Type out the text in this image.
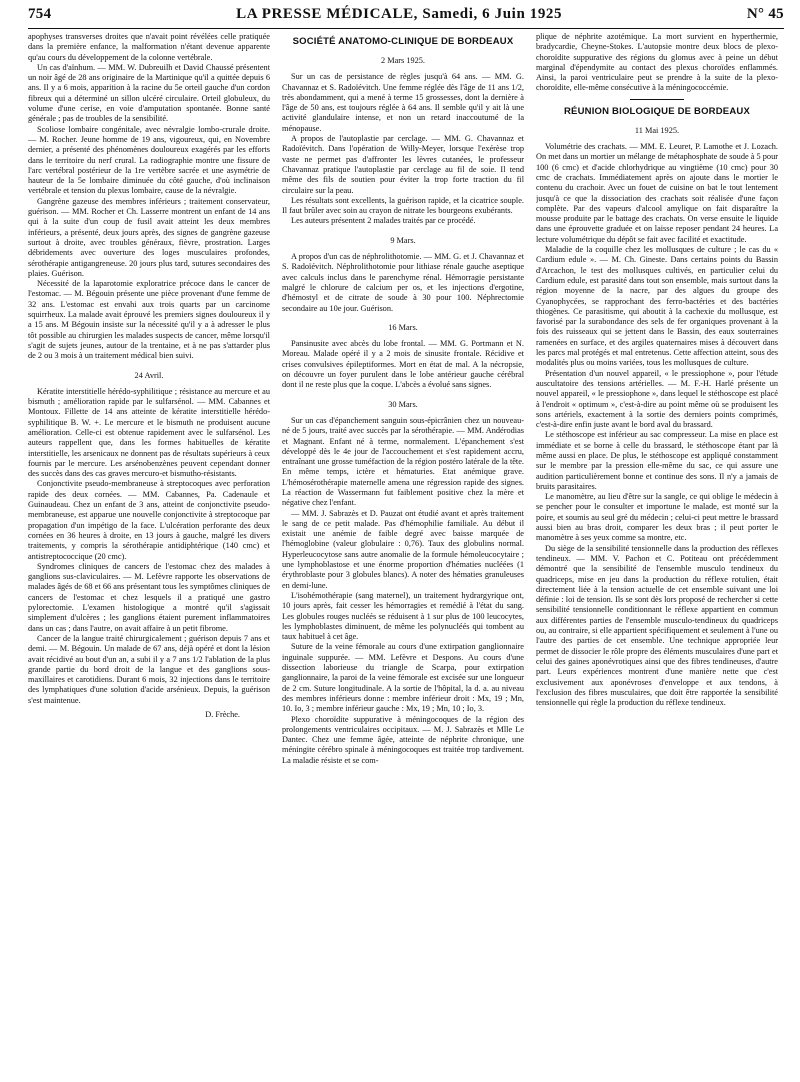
754	LA PRESSE MÉDICALE, Samedi, 6 Juin 1925	N° 45

apophyses transverses droites que n'avait point révélées celle pratiquée dans la première enfance, la malformation n'étant devenue apparente qu'au cours du développement de la colonne vertébrale.

Un cas d'aïnhum. — MM. W. Dubreuilh et David Chaussé présentent un noir âgé de 28 ans originaire de la Martinique qu'il a quittée depuis 6 ans. Il y a 6 mois, apparition à la racine du 5e orteil gauche d'un cordon fibreux qui a déterminé un sillon ulcéré circulaire. Orteil globuleux, du volume d'une cerise, en voie d'amputation spontanée. Bonne santé générale ; pas de troubles de la sensibilité.

Scoliose lombaire congénitale, avec névralgie lombo-crurale droite. — M. Rocher. Jeune homme de 19 ans, vigoureux, qui, en Novembre dernier, a présenté des phénomènes douloureux exagérés par les efforts dans le territoire du nerf crural. La radiographie montre une fissure de l'arc vertébral postérieur de la 1re vertèbre sacrée et une asymétrie de hauteur de la 5e lombaire diminuée du côté gauche, d'où inclinaison vertébrale et tension du plexus lombaire, cause de la névralgie.

Gangrène gazeuse des membres inférieurs ; traitement conservateur, guérison. — MM. Rocher et Ch. Lasserre montrent un enfant de 14 ans qui à la suite d'un coup de fusil avait atteint les deux membres inférieurs, a présenté, deux jours après, des signes de gangrène gazeuse surtout à droite, avec troubles généraux, fièvre, prostration. Larges débridements avec ouverture des loges musculaires profondes, sérothérapie antigangreneuse. 20 jours plus tard, sutures secondaires des plaies. Guérison.

Nécessité de la laparotomie exploratrice précoce dans le cancer de l'estomac. — M. Bégouin présente une pièce provenant d'une femme de 32 ans. L'estomac est envahi aux trois quarts par un carcinome squirrheux. La malade avait éprouvé les premiers signes douloureux il y a 15 ans. M Bégouin insiste sur la nécessité qu'il y a à adresser le plus tôt possible au chirurgien les malades suspects de cancer, même lorsqu'il s'agit de sujets jeunes, autour de la trentaine, et à ne pas s'attarder plus de 2 ou 3 mois à un traitement médical bien suivi.

24 Avril.

Kératite interstitielle hérédo-syphilitique ; résistance au mercure et au bismuth ; amélioration rapide par le sulfarsénol. — MM. Cabannes et Montoux. Fillette de 14 ans atteinte de kératite interstitielle hérédo-syphilitique B. W. +. Le mercure et le bismuth ne produisent aucune amélioration. Celle-ci est obtenue rapidement avec le sulfarsénol. Les auteurs rappellent que, dans les formes habituelles de kératite interstitielle, les arsenicaux ne donnent pas de résultats supérieurs à ceux fournis par le mercure. Les arsénobenzènes peuvent cependant donner des succès dans des cas graves mercuro-et bismutho-résistants.

Conjonctivite pseudo-membraneuse à streptocoques avec perforation rapide des deux cornées. — MM. Cabannes, Pa. Cadenaule et Guinaudeau. Chez un enfant de 3 ans, atteint de conjonctivite pseudo-membraneuse, est apparue une nouvelle conjonctivite à streptocoque par propagation d'un impétigo de la face. L'ulcération perforante des deux cornées en 36 heures à droite, en 13 jours à gauche, malgré les divers traitements, y compris la sérothérapie antidiphtérique (140 cmc) et antistreptococcique (20 cmc).

Syndromes cliniques de cancers de l'estomac chez des malades à ganglions sus-claviculaires. — M. Lefèvre rapporte les observations de malades âgés de 68 et 66 ans présentant tous les symptômes cliniques de cancers de l'estomac et chez lesquels il a pratiqué une gastro pylorectomie. L'examen histologique a montré qu'il s'agissait simplement d'ulcères ; les ganglions étaient purement inflammatoires dans un cas ; dans l'autre, on avait affaire à un petit fibrome.

Cancer de la langue traité chirurgicalement ; guérison depuis 7 ans et demi. — M. Bégouin. Un malade de 67 ans, déjà opéré et dont la lésion avait récidivé au bout d'un an, a subi il y a 7 ans 1/2 l'ablation de la plus grande partie du bord droit de la langue et des ganglions sous-maxillaires et carotidiens. Durant 6 mois, 32 injections dans le territoire des lymphatiques d'une solution d'acide arsénieux. Depuis, la guérison s'est maintenue.

D. Frèche.

SOCIÉTÉ ANATOMO-CLINIQUE DE BORDEAUX
2 Mars 1925.

Sur un cas de persistance de règles jusqu'à 64 ans. — MM. G. Chavannaz et S. Radoïévitch. Une femme réglée dès l'âge de 11 ans 1/2, très abondamment, qui a mené à terme 15 grossesses, dont la dernière à l'âge de 50 ans, est toujours réglée à 64 ans. Il semble qu'il y ait là une activité glandulaire intense, et non un retard inaccoutumé de la ménopause.

A propos de l'autoplastie par cerclage. — MM. G. Chavannaz et Radoïévitch. Dans l'opération de Willy-Meyer, lorsque l'exérèse trop vaste ne permet pas d'affronter les lèvres cutanées, le professeur Chavannaz pratique l'autoplastie par cerclage au fil de soie. Il tend même des fils de soutien pour éviter la trop forte traction du fil circulaire sur la peau.

Les résultats sont excellents, la guérison rapide, et la cicatrice souple. Il faut brûler avec soin au crayon de nitrate les bourgeons exubérants.

Les auteurs présentent 2 malades traités par ce procédé.

9 Mars.

A propos d'un cas de néphrolithotomie. — MM. G. et J. Chavannaz et S. Radoïévitch. Néphrolithotomie pour lithiase rénale gauche aseptique avec calculs inclus dans le parenchyme rénal. Hémorragie persistante malgré le chlorure de calcium per os, et les injections d'ergotine, d'hémostyl et de citrate de soude à 30 pour 100. Néphrectomie secondaire au 10e jour. Guérison.

16 Mars.

Pansinusite avec abcès du lobe frontal. — MM. G. Portmann et N. Moreau. Malade opéré il y a 2 mois de sinusite frontale. Récidive et crises convulsives épileptiformes. Mort en état de mal. A la nécropsie, on découvre un foyer purulent dans le lobe antérieur gauche cérébral dont il ne reste plus que la coque. L'abcès a évolué sans signes.

30 Mars.

Sur un cas d'épanchement sanguin sous-épicrânien chez un nouveau-né de 5 jours, traité avec succès par la sérothérapie. — MM. Andérodias et Magnant. Enfant né à terme, normalement. L'épanchement s'est développé dès le 4e jour de l'accouchement et s'est rapidement accru, entraînant une grosse tuméfaction de la région postéro latérale de la tête. En même temps, ictère et hématuries. Etat anémique grave. L'hémosérothérapie maternelle amena une régression rapide des signes. La réaction de Wassermann fut faiblement positive chez la mère et négative chez l'enfant.

— MM. J. Sabrazès et D. Pauzat ont étudié avant et après traitement le sang de ce petit malade. Pas d'hémophilie familiale. Au début il existait une anémie de faible degré avec baisse marquée de l'hémoglobine (valeur globulaire : 0,76). Taux des globulins normal. Hyperleucocytose sans autre anomalie de la formule hémoleucocytaire ; une lymphoblastose et une énorme proportion d'hématies nucléées (1 érythroblaste pour 3 globules blancs). A noter des hématies granuleuses en demi-lune.

L'isohémothérapie (sang maternel), un traitement hydrargyrique ont, 10 jours après, fait cesser les hémorragies et remédié à l'état du sang. Les globules rouges nucléés se réduisent à 1 sur plus de 100 leucocytes, les lymphoblastes diminuent, de même les polynucléés qui tombent au taux habituel à cet âge.

Suture de la veine fémorale au cours d'une extirpation ganglionnaire inguinale suppurée. — MM. Lefèvre et Despons. Au cours d'une dissection laborieuse du triangle de Scarpa, pour extirpation ganglionnaire, la paroi de la veine fémorale est excisée sur une longueur de 2 cm. Suture longitudinale. A la sortie de l'hôpital, la d. a. au niveau des membres inférieurs donne : membre inférieur droit : Mx, 19 ; Mn, 10. Io, 3 ; membre inférieur gauche : Mx, 19 ; Mn, 10 ; Io, 3.

Plexo choroïdite suppurative à méningocoques de la région des prolongements ventriculaires occipitaux. — M. J. Sabrazès et Mlle Le Dantec. Chez une femme âgée, atteinte de néphrite chronique, une méningite cérébro spinale à méningocoques est traitée trop tardivement. La maladie résiste et se com-

plique de néphrite azotémique. La mort survient en hyperthermie, bradycardie, Cheyne-Stokes. L'autopsie montre deux blocs de plexo-choroïdite suppurative des régions du glomus avec à peine un début marginal d'épendymite au contact des plexus choroïdes enflammés. Ainsi, la paroi ventriculaire peut se prendre à la suite de la plexo-choroïdite, elle-même consécutive à la méningococcémie.

RÉUNION BIOLOGIQUE DE BORDEAUX
11 Mai 1925.

Volumétrie des crachats. — MM. E. Leuret, P. Lamothe et J. Lozach. On met dans un mortier un mélange de métaphosphate de soude à 5 pour 100 (6 cmc) et d'acide chlorhydrique au vingtième (10 cmc) pour 30 cmc de crachats. Immédiatement après on ajoute dans le mortier le contenu du crachoir. Avec un fouet de cuisine on bat le tout lentement jusqu'à ce que la dissociation des crachats soit réalisée d'une façon complète. Par des vapeurs d'alcool amylique on fait disparaître la mousse produite par le battage des crachats. On verse ensuite le liquide dans une éprouvette graduée et on laisse reposer pendant 24 heures. La lecture volumétrique du dépôt se fait avec facilité et exactitude.

Maladie de la coquille chez les mollusques de culture ; le cas du « Cardium edule ». — M. Ch. Gineste. Dans certains points du Bassin d'Arcachon, le test des mollusques cultivés, en particulier celui du Cardium edule, est parasité dans tout son ensemble, mais surtout dans la région moyenne de la nacre, par des algues du groupe des Cyanophycées, se rapprochant des ferro-bactéries et des bactéries thiogènes. Ce parasitisme, qui aboutit à la cachexie du mollusque, est favorisé par la surabondance des sels de fer organiques provenant à la fois des ruisseaux qui se jettent dans le Bassin, des eaux souterraines ramenées en surface, et des argiles quaternaires mises à découvert dans les parcs mal protégés et mal entretenus. Cette affection atteint, sous des modalités plus ou moins variées, tous les mollusques de culture.

Présentation d'un nouvel appareil, « le pressiophone », pour l'étude auscultatoire des tensions artérielles. — M. F.-H. Harlé présente un nouvel appareil, « le pressiophone », dans lequel le stéthoscope est placé à l'endroit « optimum », c'est-à-dire au point même où se produisent les sons artériels, exactement à la sortie des derniers points comprimés, c'est-à-dire enfin juste avant le bord aval du brassard.

Le stéthoscope est inférieur au sac compresseur. La mise en place est immédiate et se borne à celle du brassard, le stéthoscope étant par là même aussi en place. De plus, le stéthoscope est appliqué constamment sur le membre par la pression elle-même du sac, ce qui assure une audition particulièrement bonne et continue des sons. Il n'y a jamais de bruits parasitaires.

Le manomètre, au lieu d'être sur la sangle, ce qui oblige le médecin à se pencher pour le consulter et importune le malade, est monté sur la poire, et soumis au seul gré du médecin ; celui-ci peut mettre le brassard aussi bien au bras droit, comparer les deux bras ; il peut porter le manomètre à ses yeux comme sa montre, etc.

Du siège de la sensibilité tensionnelle dans la production des réflexes tendineux. — MM. V. Pachon et C. Potiteau ont précédemment démontré que la sensibilité de l'ensemble musculo tendineux du quadriceps, mise en jeu dans la production du réflexe rotulien, était directement liée à la tension actuelle de cet ensemble suivant une loi définie : loi de tension. Ils se sont dès lors proposé de rechercher si cette sensibilité tensionnelle conditionnant le réflexe appartient en commun aux différentes parties de l'ensemble musculo-tendineux du quadriceps ou, au contraire, si elle appartient spécifiquement et seulement à l'une ou l'autre des parties de cet ensemble. Une technique appropriée leur permet de dissocier le rôle propre des éléments musculaires d'une part et celui des gaines aponévrotiques ainsi que des fibres tendineuses, d'autre part. Leurs expériences montrent d'une manière nette que c'est exclusivement aux aponévroses d'enveloppe et aux tendons, à l'exclusion des fibres musculaires, que doit être rapportée la sensibilité tensionnelle qui règle la production du réflexe tendineux.
